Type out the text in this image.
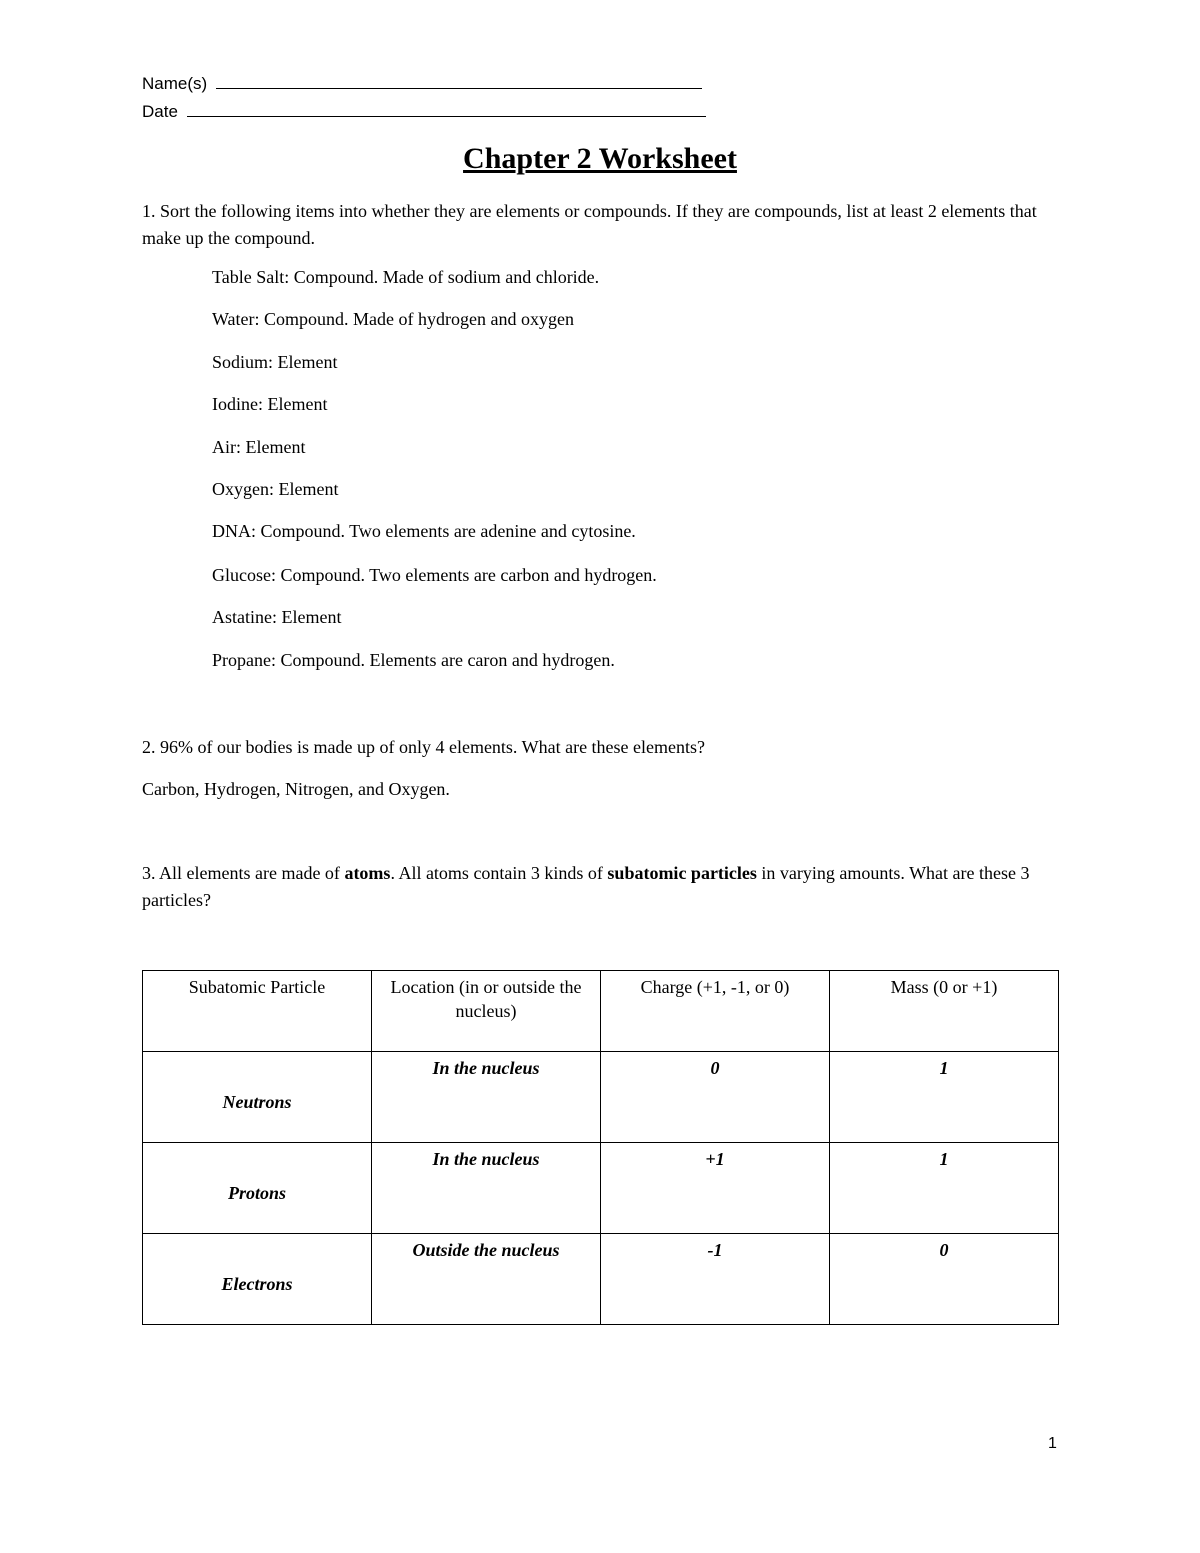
Name(s)
Date
Chapter 2 Worksheet

1. Sort the following items into whether they are elements or compounds. If they are compounds, list at least 2 elements that make up the compound.

Table Salt: Compound. Made of sodium and chloride.

Water: Compound. Made of hydrogen and oxygen

Sodium: Element

Iodine: Element

Air: Element

Oxygen: Element

DNA: Compound. Two elements are adenine and cytosine.

Glucose: Compound. Two elements are carbon and hydrogen.

Astatine: Element

Propane: Compound. Elements are caron and hydrogen.

2. 96% of our bodies is made up of only 4 elements. What are these elements?

Carbon, Hydrogen, Nitrogen, and Oxygen.

3. All elements are made of atoms. All atoms contain 3 kinds of subatomic particles in varying amounts. What are these 3 particles?

Subatomic Particle	Location (in or outside the nucleus)	Charge (+1, -1, or 0)	Mass (0 or +1)
Neutrons	In the nucleus	0	1
Protons	In the nucleus	+1	1
Electrons	Outside the nucleus	-1	0
1
